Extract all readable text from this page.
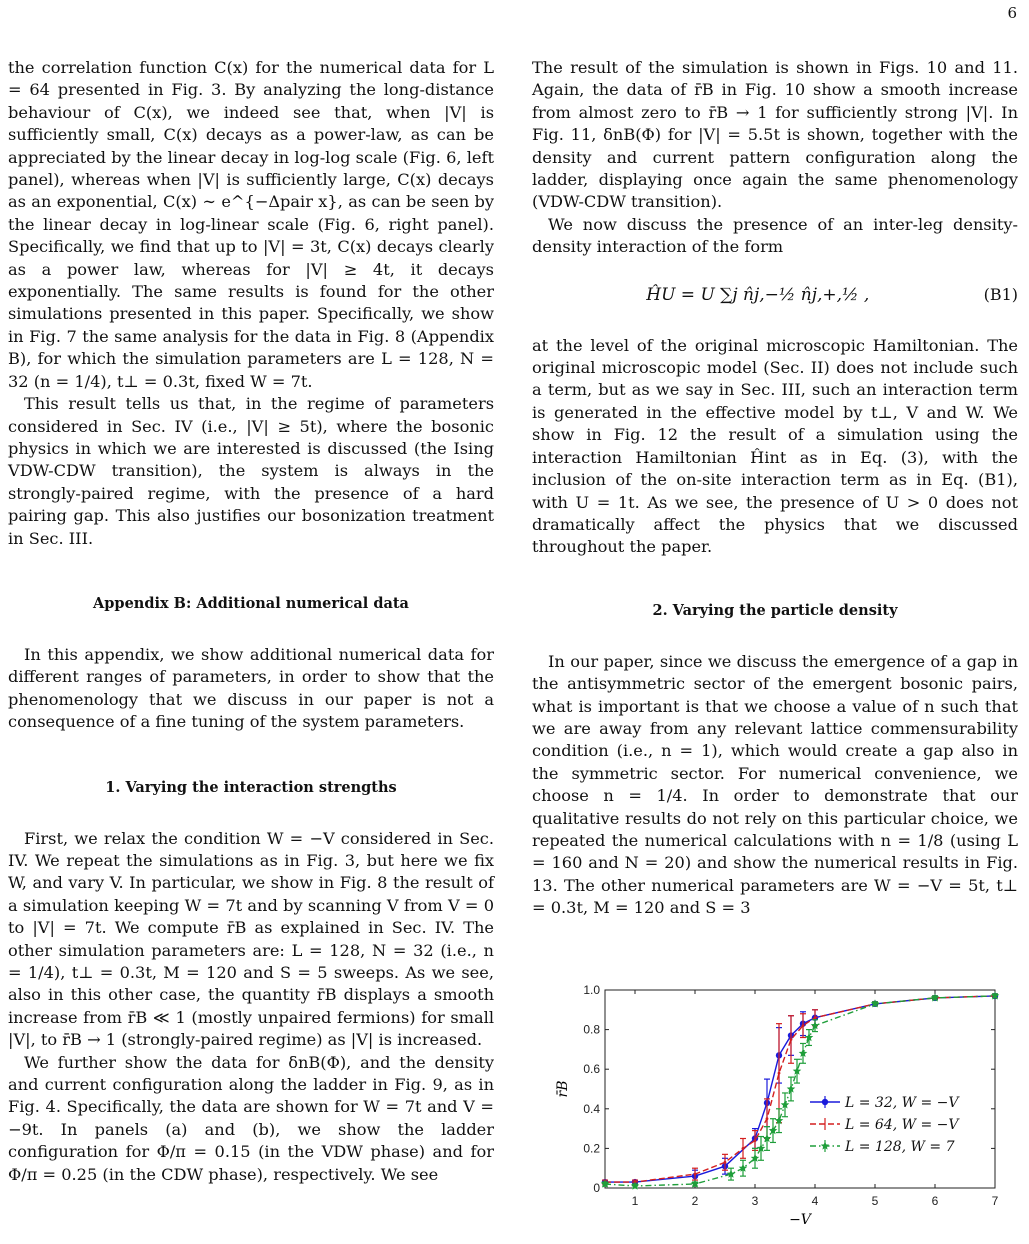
6

the correlation function C(x) for the numerical data for L = 64 presented in Fig. 3. By analyzing the long-distance behaviour of C(x), we indeed see that, when |V| is sufficiently small, C(x) decays as a power-law, as can be appreciated by the linear decay in log-log scale (Fig. 6, left panel), whereas when |V| is sufficiently large, C(x) decays as an exponential, C(x) ∼ e^{−Δpair x}, as can be seen by the linear decay in log-linear scale (Fig. 6, right panel). Specifically, we find that up to |V| = 3t, C(x) decays clearly as a power law, whereas for |V| ≥ 4t, it decays exponentially. The same results is found for the other simulations presented in this paper. Specifically, we show in Fig. 7 the same analysis for the data in Fig. 8 (Appendix B), for which the simulation parameters are L = 128, N = 32 (n = 1/4), t⊥ = 0.3t, fixed W = 7t.

This result tells us that, in the regime of parameters considered in Sec. IV (i.e., |V| ≥ 5t), where the bosonic physics in which we are interested is discussed (the Ising VDW-CDW transition), the system is always in the strongly-paired regime, with the presence of a hard pairing gap. This also justifies our bosonization treatment in Sec. III.

Appendix B: Additional numerical data

In this appendix, we show additional numerical data for different ranges of parameters, in order to show that the phenomenology that we discuss in our paper is not a consequence of a fine tuning of the system parameters.

1. Varying the interaction strengths

First, we relax the condition W = −V considered in Sec. IV. We repeat the simulations as in Fig. 3, but here we fix W, and vary V. In particular, we show in Fig. 8 the result of a simulation keeping W = 7t and by scanning V from V = 0 to |V| = 7t. We compute r̄B as explained in Sec. IV. The other simulation parameters are: L = 128, N = 32 (i.e., n = 1/4), t⊥ = 0.3t, M = 120 and S = 5 sweeps. As we see, also in this other case, the quantity r̄B displays a smooth increase from r̄B ≪ 1 (mostly unpaired fermions) for small |V|, to r̄B → 1 (strongly-paired regime) as |V| is increased.

We further show the data for δnB(Φ), and the density and current configuration along the ladder in Fig. 9, as in Fig. 4. Specifically, the data are shown for W = 7t and V = −9t. In panels (a) and (b), we show the ladder configuration for Φ/π = 0.15 (in the VDW phase) and for Φ/π = 0.25 (in the CDW phase), respectively. We see

The result of the simulation is shown in Figs. 10 and 11. Again, the data of r̄B in Fig. 10 show a smooth increase from almost zero to r̄B → 1 for sufficiently strong |V|. In Fig. 11, δnB(Φ) for |V| = 5.5t is shown, together with the density and current pattern configuration along the ladder, displaying once again the same phenomenology (VDW-CDW transition).

We now discuss the presence of an inter-leg density-density interaction of the form

ĤU = U ∑j n̂j,−½ n̂j,+,½ ,	(B1)

at the level of the original microscopic Hamiltonian. The original microscopic model (Sec. II) does not include such a term, but as we say in Sec. III, such an interaction term is generated in the effective model by t⊥, V and W. We show in Fig. 12 the result of a simulation using the interaction Hamiltonian Ĥint as in Eq. (3), with the inclusion of the on-site interaction term as in Eq. (B1), with U = 1t. As we see, the presence of U > 0 does not dramatically affect the physics that we discussed throughout the paper.

2. Varying the particle density

In our paper, since we discuss the emergence of a gap in the antisymmetric sector of the emergent bosonic pairs, what is important is that we choose a value of n such that we are away from any relevant lattice commensurability condition (i.e., n = 1), which would create a gap also in the symmetric sector. For numerical convenience, we choose n = 1/4. In order to demonstrate that our qualitative results do not rely on this particular choice, we repeated the numerical calculations with n = 1/8 (using L = 160 and N = 20) and show the numerical results in Fig. 13. The other numerical parameters are W = −V = 5t, t⊥ = 0.3t, M = 120 and S = 3

1	2	3	4	5	6	7
0
0.2
0.4
0.6
0.8
1.0
−V
r̄B
L = 32, W = −V
L = 64, W = −V
L = 128, W = 7
